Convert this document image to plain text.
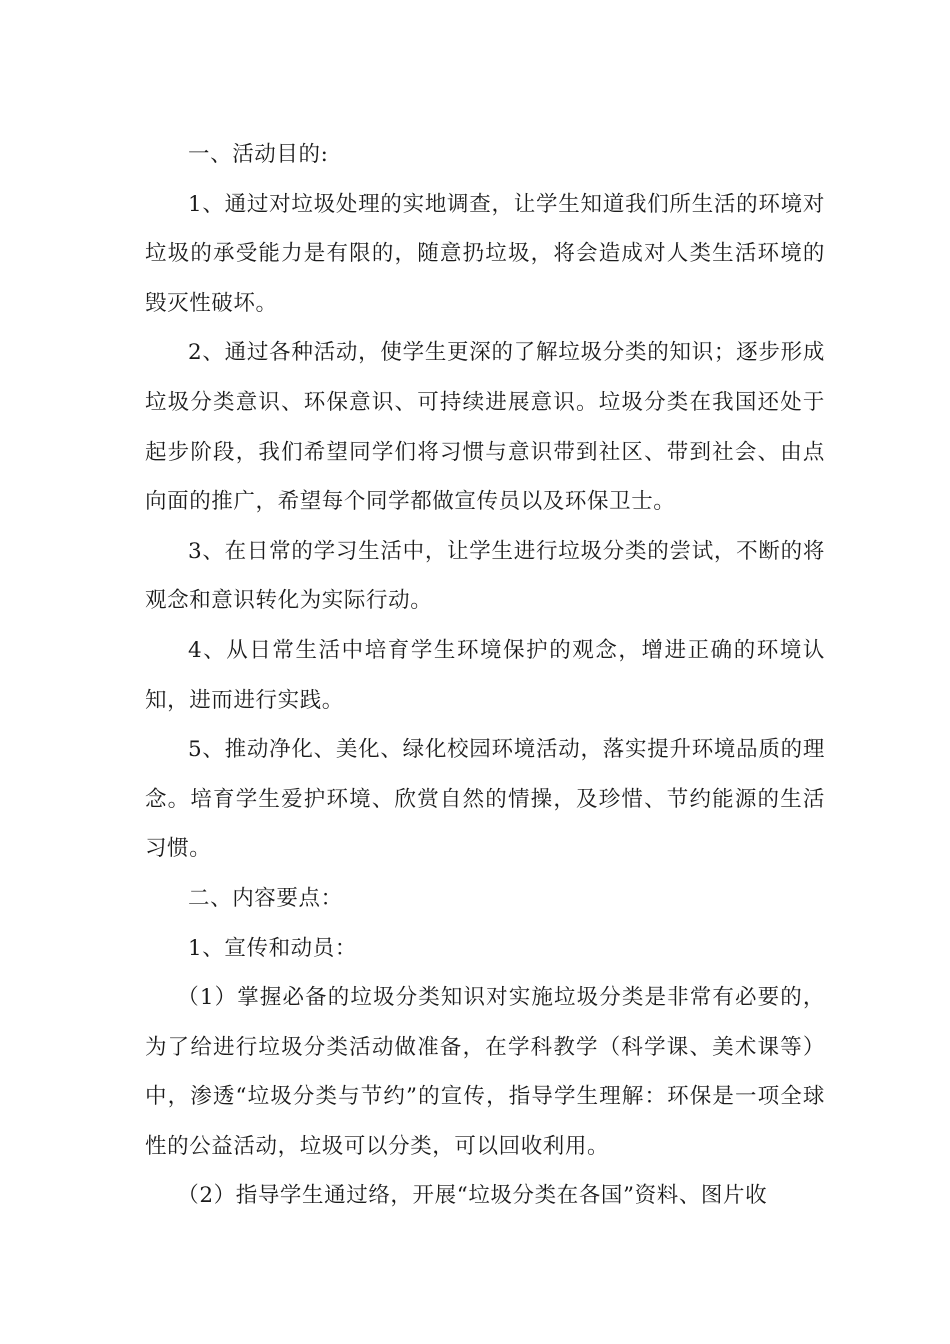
一、活动目的:

1、通过对垃圾处理的实地调查，让学生知道我们所生活的环境对垃圾的承受能力是有限的，随意扔垃圾，将会造成对人类生活环境的毁灭性破坏。

2、通过各种活动，使学生更深的了解垃圾分类的知识；逐步形成垃圾分类意识、环保意识、可持续进展意识。垃圾分类在我国还处于起步阶段，我们希望同学们将习惯与意识带到社区、带到社会、由点向面的推广，希望每个同学都做宣传员以及环保卫士。

3、在日常的学习生活中，让学生进行垃圾分类的尝试，不断的将观念和意识转化为实际行动。

4、从日常生活中培育学生环境保护的观念，增进正确的环境认知，进而进行实践。

5、推动净化、美化、绿化校园环境活动，落实提升环境品质的理念。培育学生爱护环境、欣赏自然的情操，及珍惜、节约能源的生活习惯。

二、内容要点：

1、宣传和动员：

（1）掌握必备的垃圾分类知识对实施垃圾分类是非常有必要的，为了给进行垃圾分类活动做准备，在学科教学（科学课、美术课等）中，渗透“垃圾分类与节约”的宣传，指导学生理解：环保是一项全球性的公益活动，垃圾可以分类，可以回收利用。

（2）指导学生通过络，开展“垃圾分类在各国”资料、图片收
